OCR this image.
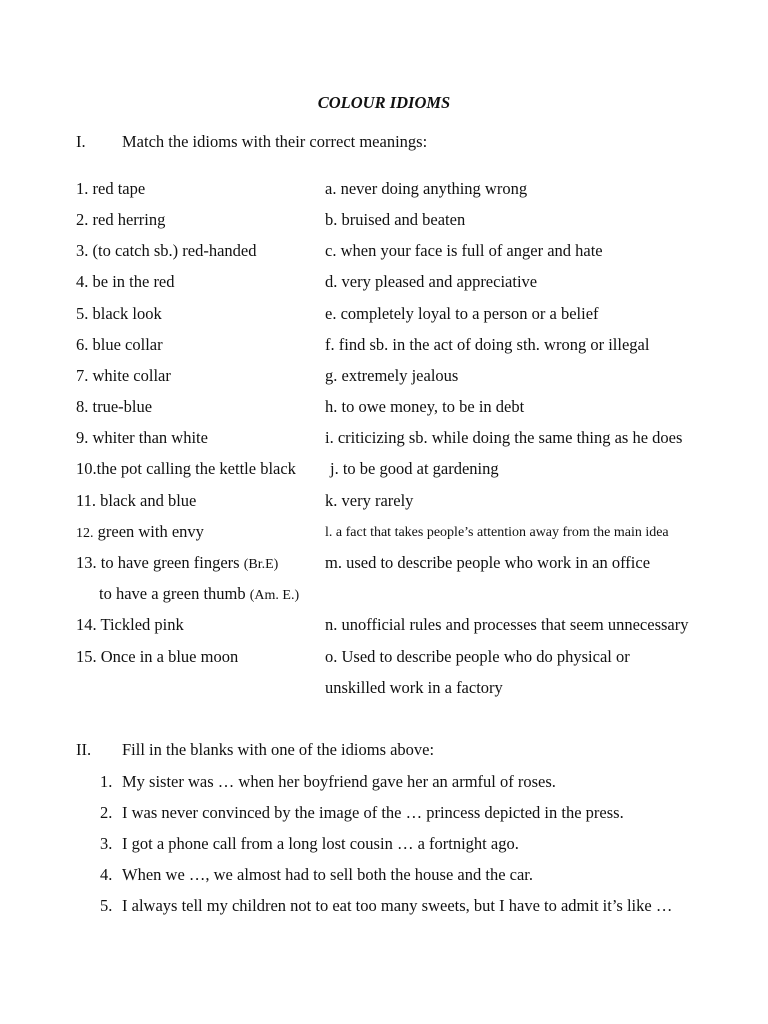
COLOUR IDIOMS
I. Match the idioms with their correct meanings:
1. red tape
2. red herring
3. (to catch sb.) red-handed
4. be in the red
5. black look
6. blue collar
7. white collar
8. true-blue
9. whiter than white
10.the pot calling the kettle black
11. black and blue
12. green with envy
13. to have green fingers (Br.E)
to have a green thumb (Am. E.)
14. Tickled pink
15. Once in a blue moon
a. never doing anything wrong
b. bruised and beaten
c. when your face is full of anger and hate
d. very pleased and appreciative
e. completely loyal to a person or a belief
f. find sb. in the act of doing sth. wrong or illegal
g. extremely jealous
h. to owe money, to be in debt
i. criticizing sb. while doing the same thing as he does
j. to be good at gardening
k. very rarely
l. a fact that takes people’s attention away from the main idea
m. used to describe people who work in an office
n. unofficial rules and processes that seem unnecessary
o. Used to describe people who do physical or
unskilled work in a factory
II. Fill in the blanks with one of the idioms above:
1. My sister was … when her boyfriend gave her an armful of roses.
2. I was never convinced by the image of the … princess depicted in the press.
3. I got a phone call from a long lost cousin … a fortnight ago.
4. When we …, we almost had to sell both the house and the car.
5. I always tell my children not to eat too many sweets, but I have to admit it’s like …
